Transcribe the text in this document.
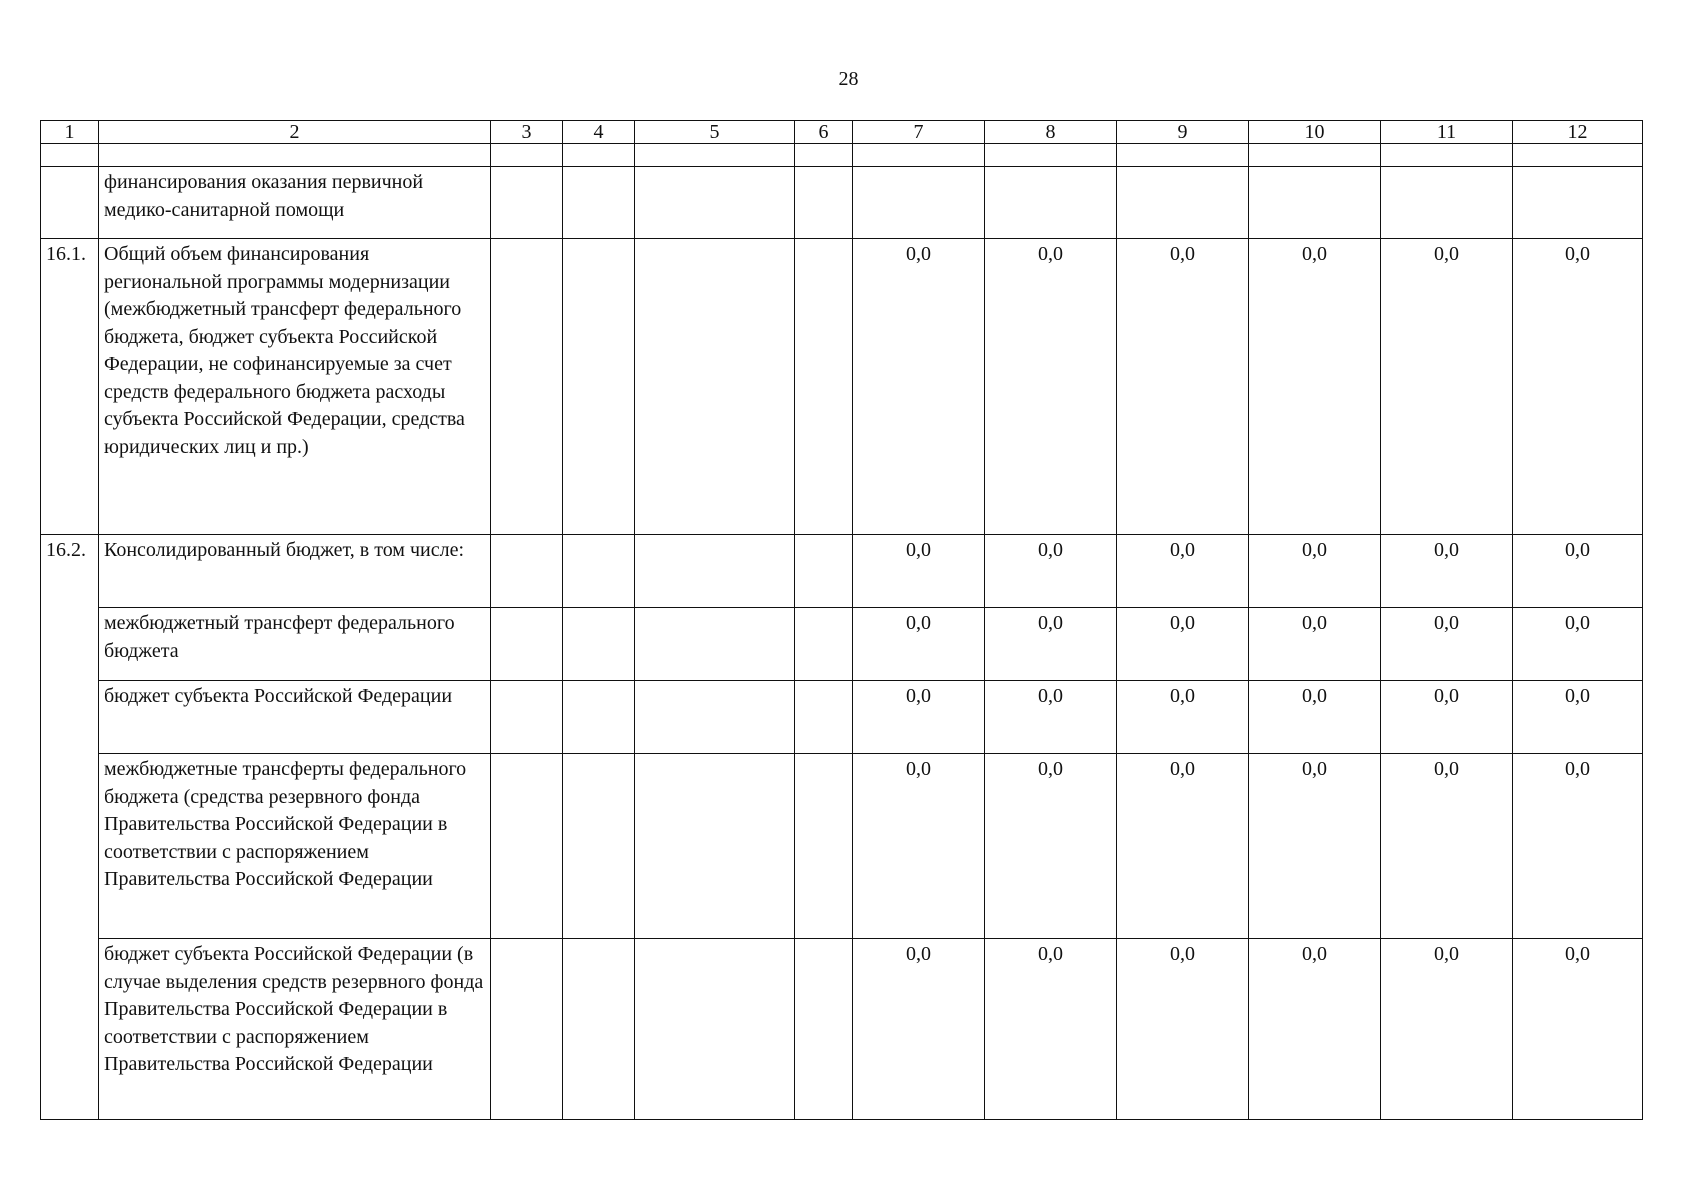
28
1	2	3	4	5	6	7	8	9	10	11	12

	финансирования оказания первичной медико-санитарной помощи										
16.1.	Общий объем финансирования региональной программы модернизации (межбюджетный трансферт федерального бюджета, бюджет субъекта Российской Федерации, не софинансируемые за счет средств федерального бюджета расходы субъекта Российской Федерации, средства юридических лиц и пр.)					0,0	0,0	0,0	0,0	0,0	0,0
16.2.	Консолидированный бюджет, в том числе:					0,0	0,0	0,0	0,0	0,0	0,0
	межбюджетный трансферт федерального бюджета					0,0	0,0	0,0	0,0	0,0	0,0
	бюджет субъекта Российской Федерации					0,0	0,0	0,0	0,0	0,0	0,0
	межбюджетные трансферты федерального бюджета (средства резервного фонда Правительства Российской Федерации в соответствии с распоряжением Правительства Российской Федерации					0,0	0,0	0,0	0,0	0,0	0,0
	бюджет субъекта Российской Федерации (в случае выделения средств резервного фонда Правительства Российской Федерации в соответствии с распоряжением Правительства Российской Федерации					0,0	0,0	0,0	0,0	0,0	0,0
